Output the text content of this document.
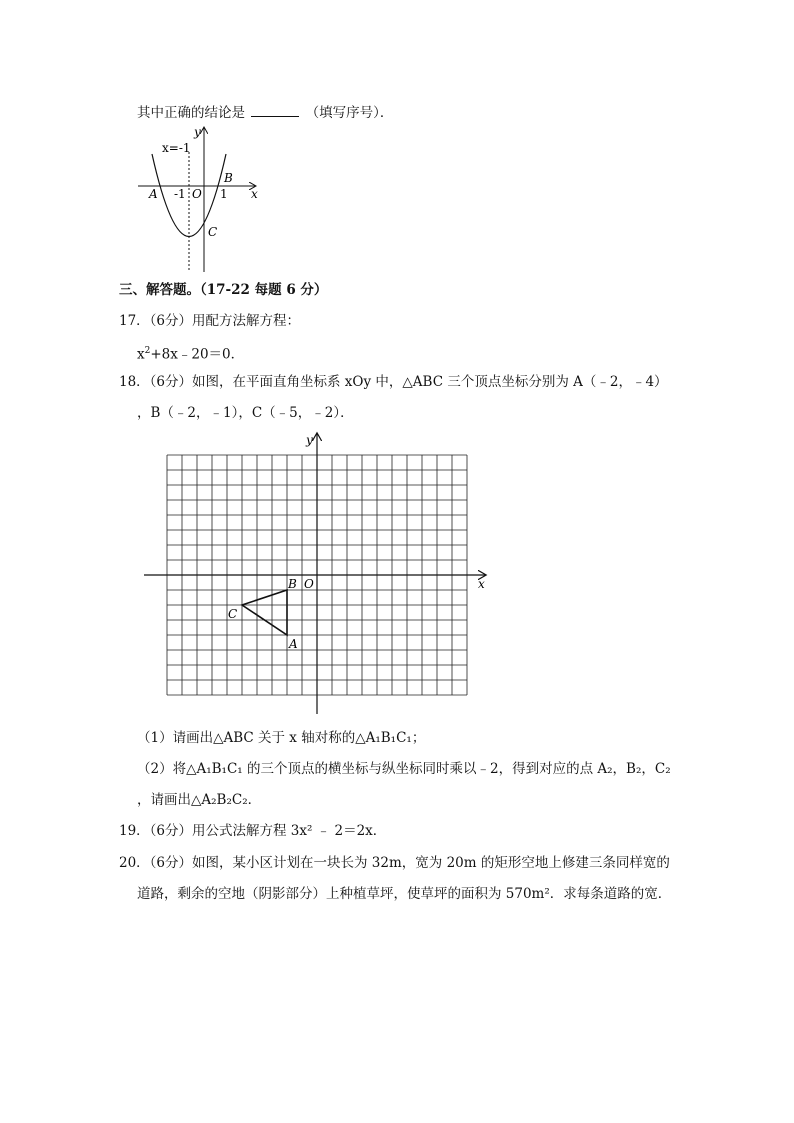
其中正确的结论是	（填写序号）．
y
x
x=-1
A -1 O 1
B
C
三、解答题。（17-22 每题 6 分）
17．（6分）用配方法解方程：
$x^2+8x﹣20=0$．
18．（6分）如图，在平面直角坐标系 xOy 中，△ABC 三个顶点坐标分别为 A（﹣2，﹣4）
，B（﹣2，﹣1），C（﹣5，﹣2）．
y
x
B O
C
A
（1）请画出△ABC 关于 x 轴对称的△A₁B₁C₁；
（2）将△A₁B₁C₁ 的三个顶点的横坐标与纵坐标同时乘以﹣2，得到对应的点 A₂，B₂，C₂
，请画出△A₂B₂C₂．
19．（6分）用公式法解方程 3x² ﹣ 2＝2x．
20．（6分）如图，某小区计划在一块长为 32m，宽为 20m 的矩形空地上修建三条同样宽的
道路，剩余的空地（阴影部分）上种植草坪，使草坪的面积为 570m²．求每条道路的宽．
